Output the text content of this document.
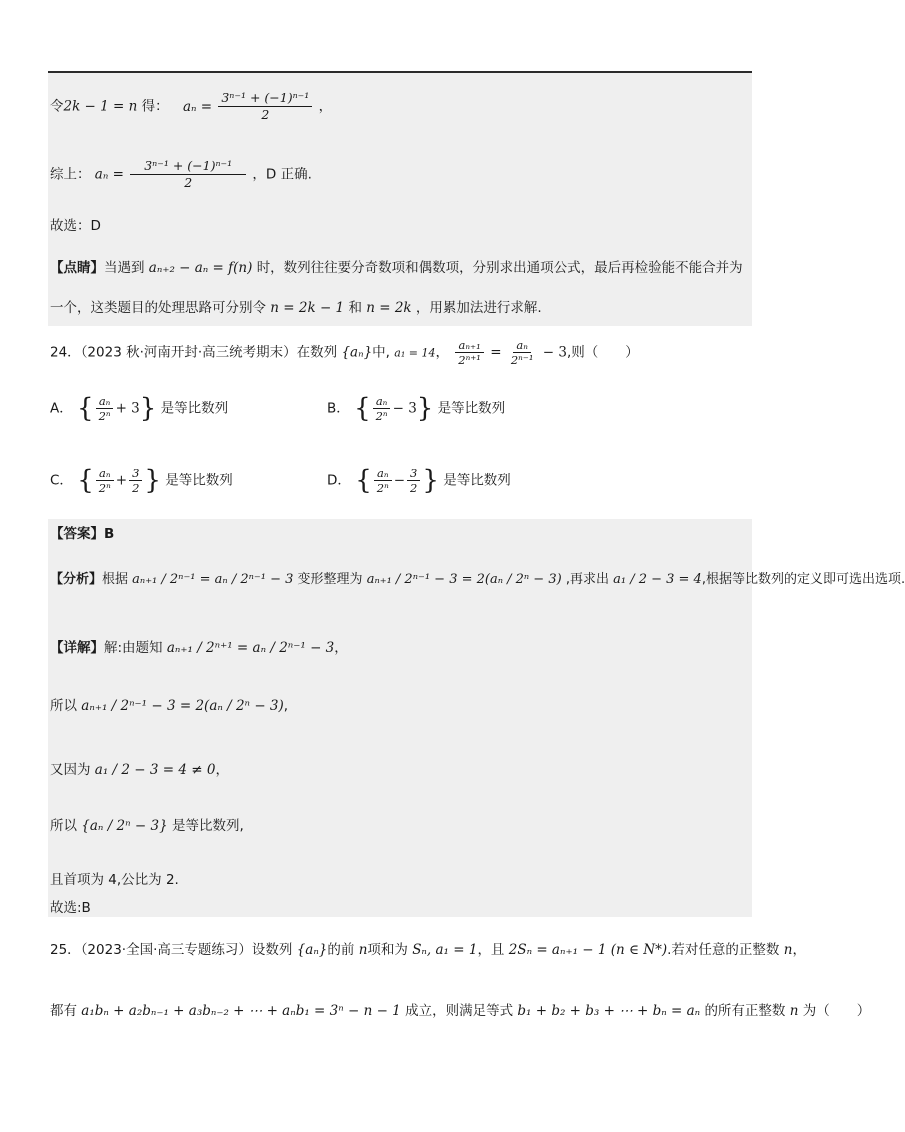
令2k − 1 = n 得： $a_n = \frac{\text{3ⁿ⁻¹ + (−1)ⁿ⁻¹}}{2}$ ，
综上： $a_n = \frac{\text{3ⁿ⁻¹ + (−1)ⁿ⁻¹}}{2}$ ，D 正确.
故选：D
【点睛】当遇到 aₙ₊₂ − aₙ = f(n) 时，数列往往要分奇数项和偶数项，分别求出通项公式，最后再检验能不能合并为
一个，这类题目的处理思路可分别令 n = 2k − 1 和 n = 2k ，用累加法进行求解.
24．（2023 秋·河南开封·高三统考期末）在数列 {aₙ}中, a₁ = 14， $\frac{\text{aₙ₊₁}}{\text{2ⁿ⁺¹}} = \frac{\text{aₙ}}{\text{2ⁿ⁻¹}} - 3$,则（　　）
A． { $\frac{\text{aₙ}}{\text{2ⁿ}} + 3$} 是等比数列	B． { $\frac{\text{aₙ}}{\text{2ⁿ}} - 3$} 是等比数列
C． { $\frac{\text{aₙ}}{\text{2ⁿ}} + \frac{3}{2}$ } 是等比数列	D． { $\frac{\text{aₙ}}{\text{2ⁿ}} - \frac{3}{2}$ } 是等比数列
【答案】B
【分析】根据 aₙ₊₁ / 2ⁿ⁻¹ = aₙ / 2ⁿ⁻¹ − 3 变形整理为 aₙ₊₁ / 2ⁿ⁻¹ − 3 = 2(aₙ / 2ⁿ − 3) ,再求出 a₁ / 2 − 3 = 4,根据等比数列的定义即可选出选项.
【详解】解:由题知 aₙ₊₁ / 2ⁿ⁺¹ = aₙ / 2ⁿ⁻¹ − 3，
所以 aₙ₊₁ / 2ⁿ⁻¹ − 3 = 2(aₙ / 2ⁿ − 3),
又因为 a₁ / 2 − 3 = 4 ≠ 0，
所以 {aₙ / 2ⁿ − 3} 是等比数列,
且首项为 4,公比为 2.
故选:B
25．（2023·全国·高三专题练习）设数列 {aₙ}的前 n项和为 Sₙ, a₁ = 1，且 2Sₙ = aₙ₊₁ − 1 (n ∈ N*).若对任意的正整数 n，
都有 a₁bₙ + a₂bₙ₋₁ + a₃bₙ₋₂ + ⋯ + aₙb₁ = 3ⁿ − n − 1 成立，则满足等式 b₁ + b₂ + b₃ + ⋯ + bₙ = aₙ 的所有正整数 n 为（　　）
